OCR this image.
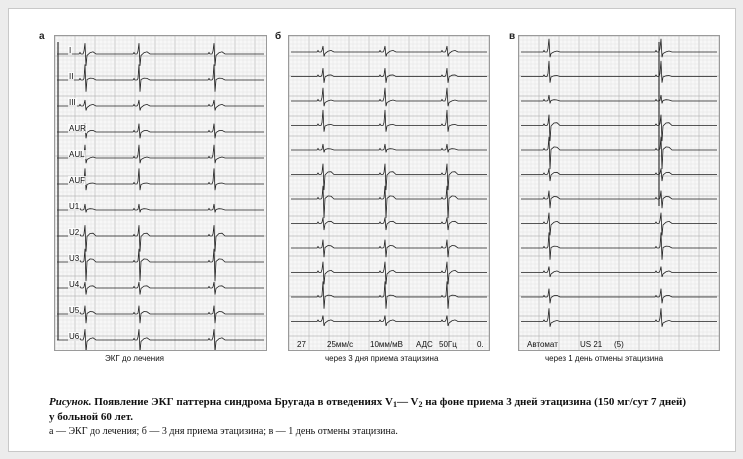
а	б	в
I
II
III
AUR
AUL
AUF
U1
U2
U3
U4
U5
U6
27	25мм/с 10мм/мВ АДС 50Гц	0.	Автомат	US 21 (5)
ЭКГ до лечения	через 3 дня приема этацизина	через 1 день отмены этацизина
Рисунок. Появление ЭКГ паттерна синдрома Бругада в отведениях $V_1—$ $V_2$ на фоне приема 3 дней этацизина (150 мг/сут 7 дней) у больной 60 лет.
а — ЭКГ до лечения; б — 3 дня приема этацизина; в — 1 день отмены этацизина.
